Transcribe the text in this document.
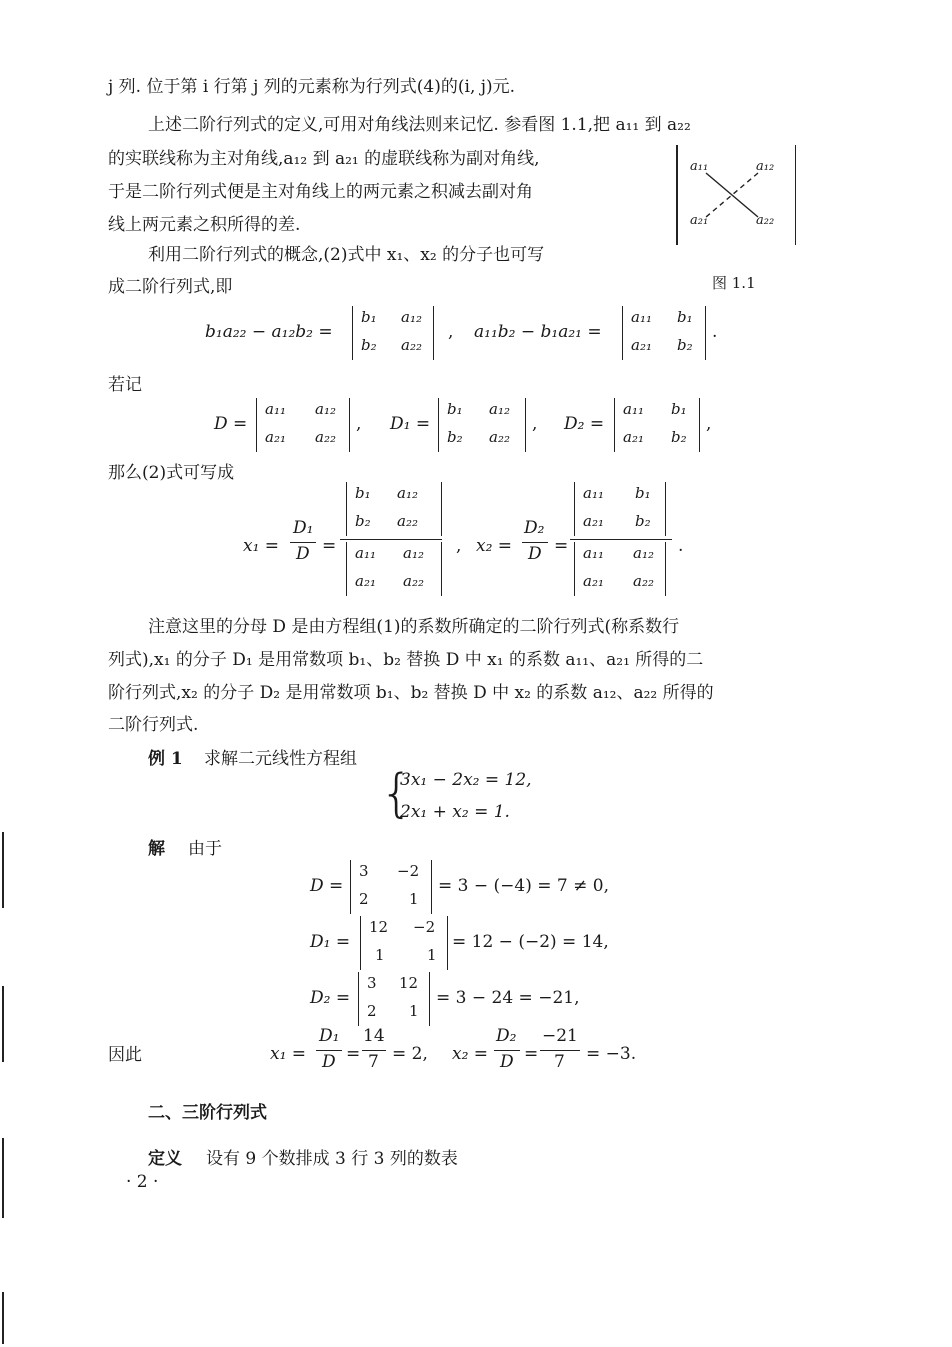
j 列. 位于第 i 行第 j 列的元素称为行列式(4)的(i, j)元.
上述二阶行列式的定义,可用对角线法则来记忆. 参看图 1.1,把 a₁₁ 到 a₂₂
的实联线称为主对角线,a₁₂ 到 a₂₁ 的虚联线称为副对角线,
于是二阶行列式便是主对角线上的两元素之积减去副对角
线上两元素之积所得的差.
a₁₁	a₁₂
a₂₁	a₂₂
图 1.1
利用二阶行列式的概念,(2)式中 x₁、x₂ 的分子也可写
成二阶行列式,即
b₁a₂₂ − a₁₂b₂ =
b₁ a₁₂
b₂ a₂₂
, a₁₁b₂ − b₁a₂₁ =
a₁₁ b₁
a₂₁ b₂
.
若记
D =
a₁₁ a₁₂
a₂₁ a₂₂
, D₁ =
b₁ a₁₂
b₂ a₂₂
, D₂ =
a₁₁ b₁
a₂₁ b₂
,
那么(2)式可写成
x₁ =
D₁
D =
b₁ a₁₂
b₂ a₂₂
a₁₁ a₁₂
a₂₁ a₂₂
, x₂ =
D₂
D =
a₁₁ b₁
a₂₁ b₂
a₁₁ a₁₂
a₂₁ a₂₂
.
注意这里的分母 D 是由方程组(1)的系数所确定的二阶行列式(称系数行
列式),x₁ 的分子 D₁ 是用常数项 b₁、b₂ 替换 D 中 x₁ 的系数 a₁₁、a₂₁ 所得的二
阶行列式,x₂ 的分子 D₂ 是用常数项 b₁、b₂ 替换 D 中 x₂ 的系数 a₁₂、a₂₂ 所得的
二阶行列式.
例 1 求解二元线性方程组
{
3x₁ − 2x₂ = 12,
2x₁ + x₂ = 1.
解 由于
D =
3 −2
2	1
= 3 − (−4) = 7 ≠ 0,
D₁ =
12 −2
1	1
= 12 − (−2) = 14,
D₂ =
3 12
2 1
= 3 − 24 = −21,
因此	x₁ =
D₁
D =
14
7 = 2, x₂ =
D₂
D =
−21
7 = −3.
二、三阶行列式
定义 设有 9 个数排成 3 行 3 列的数表
· 2 ·
